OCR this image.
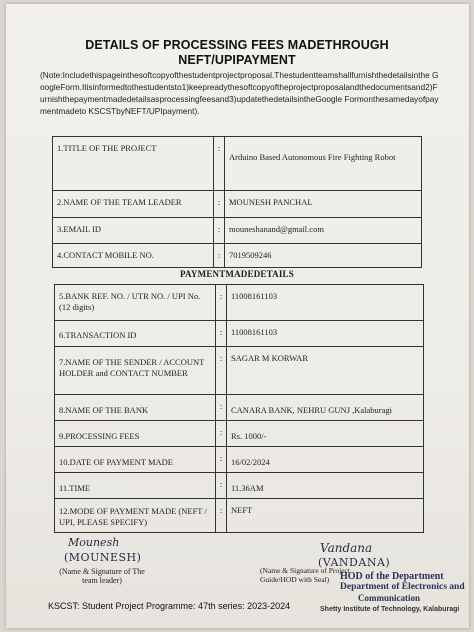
DETAILS OF PROCESSING FEES MADETHROUGH
NEFT/UPIPAYMENT
(Note:Includethispageinthesoftcopyofthestudentprojectproposal.Thestudentteamshallfurnishthedetailsinthe GoogleForm.Itisinformedtothestudentsto1)keepreadythesoftcopyoftheprojectproposalandthedocumentsand2)Furnishthepaymentmadedetailsasprocessingfeesand3)updatethedetailsintheGoogle Formonthesamedayofpaymentmadeto KSCSTbyNEFT/UPIpayment).
1.TITLE OF THE PROJECT	:	Arduino Based Autonomous Fire Fighting Robot
2.NAME OF THE TEAM LEADER	:	MOUNESH PANCHAL
3.EMAIL ID	:	mouneshanand@gmail.com
4.CONTACT MOBILE NO.	:	7019509246
PAYMENTMADEDETAILS
5.BANK REF. NO. / UTR NO. / UPI No. (12 digits)	:	11008161103
6.TRANSACTION ID	:	11008161103
7.NAME OF THE SENDER / ACCOUNT HOLDER and CONTACT NUMBER	:	SAGAR M KORWAR
8.NAME OF THE BANK	:	CANARA BANK, NEHRU GUNJ ,Kalaburagi
9.PROCESSING FEES	:	Rs. 1000/-
10.DATE OF PAYMENT MADE	:	16/02/2024
11.TIME	:	11.36AM
12.MODE OF PAYMENT MADE (NEFT / UPI, PLEASE SPECIFY)	:	NEFT
Mounesh
(MOUNESH)
(Name & Signature of The team leader)
Vandana
(VANDANA)
(Name & Signature of Project Guide/HOD with Seal)	HOD of the Department
Department of Electronics and
Communication
Shetty Institute of Technology, Kalaburagi
KSCST: Student Project Programme: 47th series: 2023-2024
